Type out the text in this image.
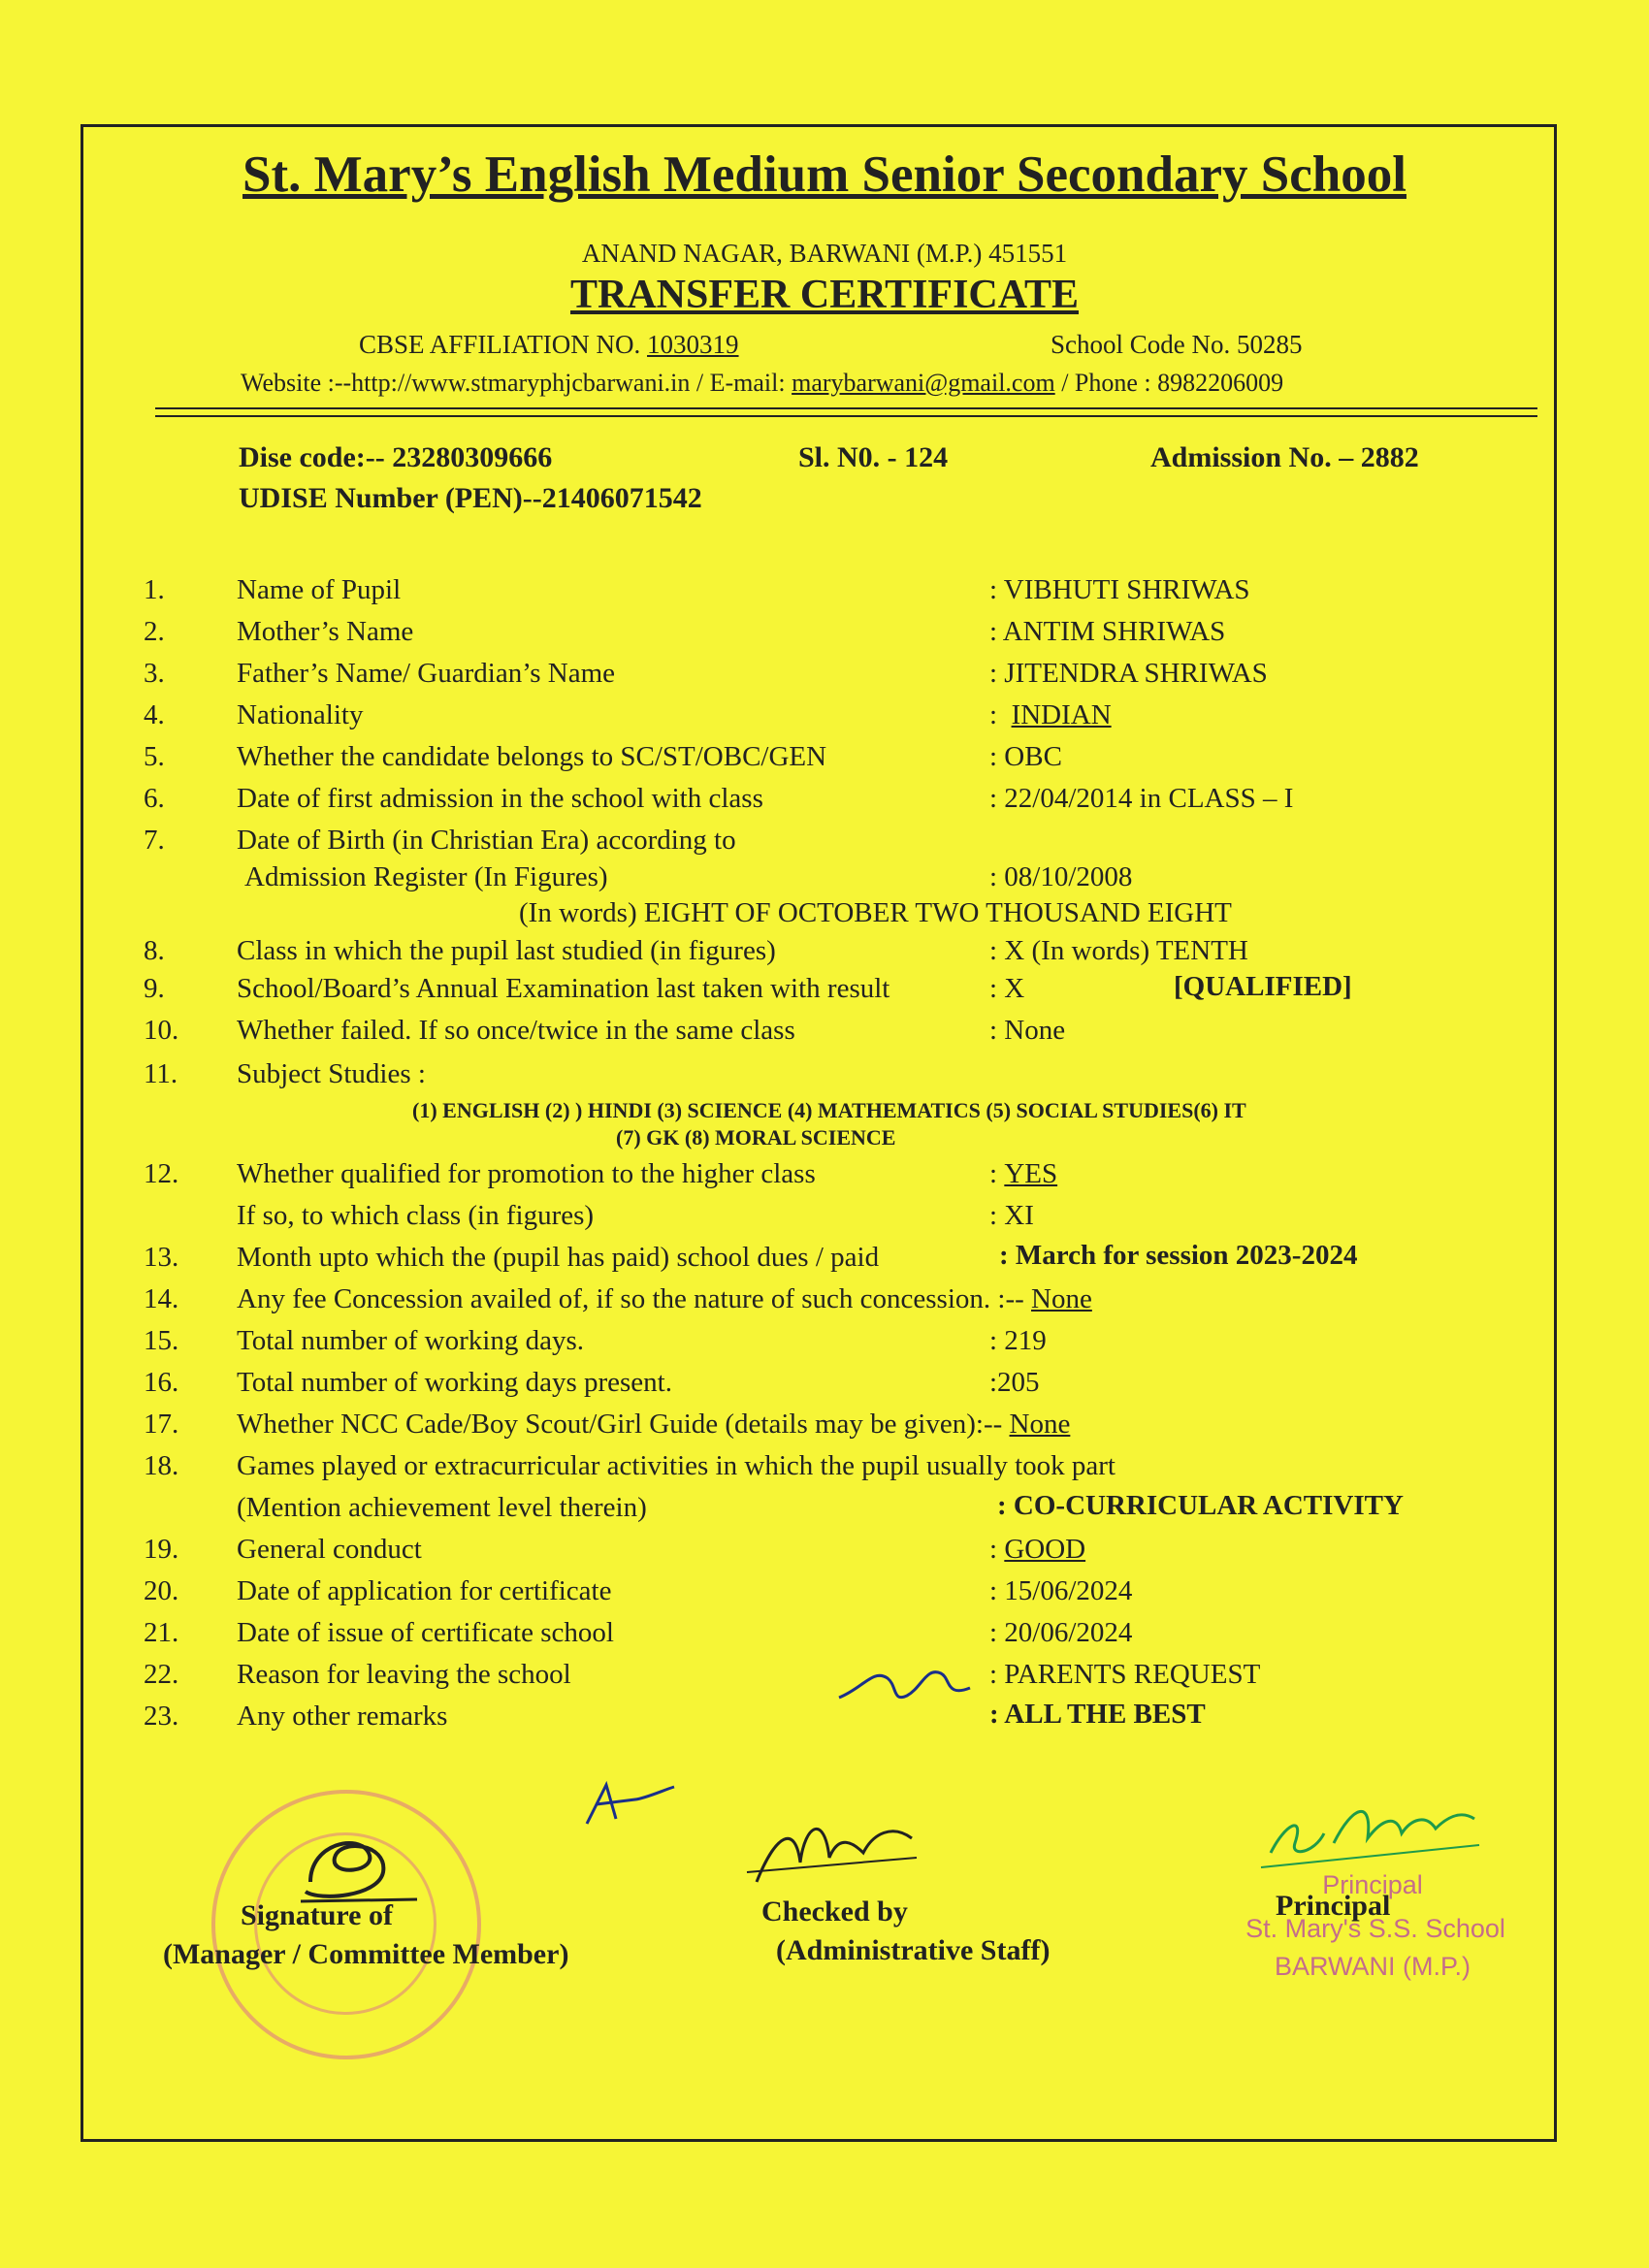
St. Mary’s English Medium Senior Secondary School
ANAND NAGAR, BARWANI (M.P.) 451551
TRANSFER CERTIFICATE
CBSE AFFILIATION NO. 1030319	School Code No. 50285
Website :--http://www.stmaryphjcbarwani.in / E-mail: marybarwani@gmail.com / Phone : 8982206009
Dise code:-- 23280309666	Sl. N0. - 124	Admission No. – 2882
UDISE Number (PEN)--21406071542
1.	Name of Pupil	: VIBHUTI SHRIWAS
2.	Mother’s Name	: ANTIM SHRIWAS
3.	Father’s Name/ Guardian’s Name	: JITENDRA SHRIWAS
4.	Nationality	: INDIAN
5.	Whether the candidate belongs to SC/ST/OBC/GEN	: OBC
6.	Date of first admission in the school with class	: 22/04/2014 in CLASS – I
7.	Date of Birth (in Christian Era) according to
Admission Register (In Figures)	: 08/10/2008
(In words) EIGHT OF OCTOBER TWO THOUSAND EIGHT
8.	Class in which the pupil last studied (in figures)	: X (In words) TENTH
9.	School/Board’s Annual Examination last taken with result	: X	[QUALIFIED]
10. Whether failed. If so once/twice in the same class	: None
11. Subject Studies :
(1) ENGLISH (2) ) HINDI (3) SCIENCE (4) MATHEMATICS (5) SOCIAL STUDIES(6) IT
(7) GK (8) MORAL SCIENCE
12. Whether qualified for promotion to the higher class	: YES
If so, to which class (in figures)	: XI
13. Month upto which the (pupil has paid) school dues / paid	: March for session 2023-2024
14. Any fee Concession availed of, if so the nature of such concession. :-- None
15. Total number of working days.	: 219
16. Total number of working days present.	:205
17. Whether NCC Cade/Boy Scout/Girl Guide (details may be given):-- None
18. Games played or extracurricular activities in which the pupil usually took part
(Mention achievement level therein)	: CO-CURRICULAR ACTIVITY
19. General conduct	: GOOD
20. Date of application for certificate	: 15/06/2024
21. Date of issue of certificate school	: 20/06/2024
22. Reason for leaving the school	: PARENTS REQUEST
23. Any other remarks	: ALL THE BEST
Signature of
(Manager / Committee Member)
Checked by
(Administrative Staff)
Principal
Principal
St. Mary's S.S. School
BARWANI (M.P.)
